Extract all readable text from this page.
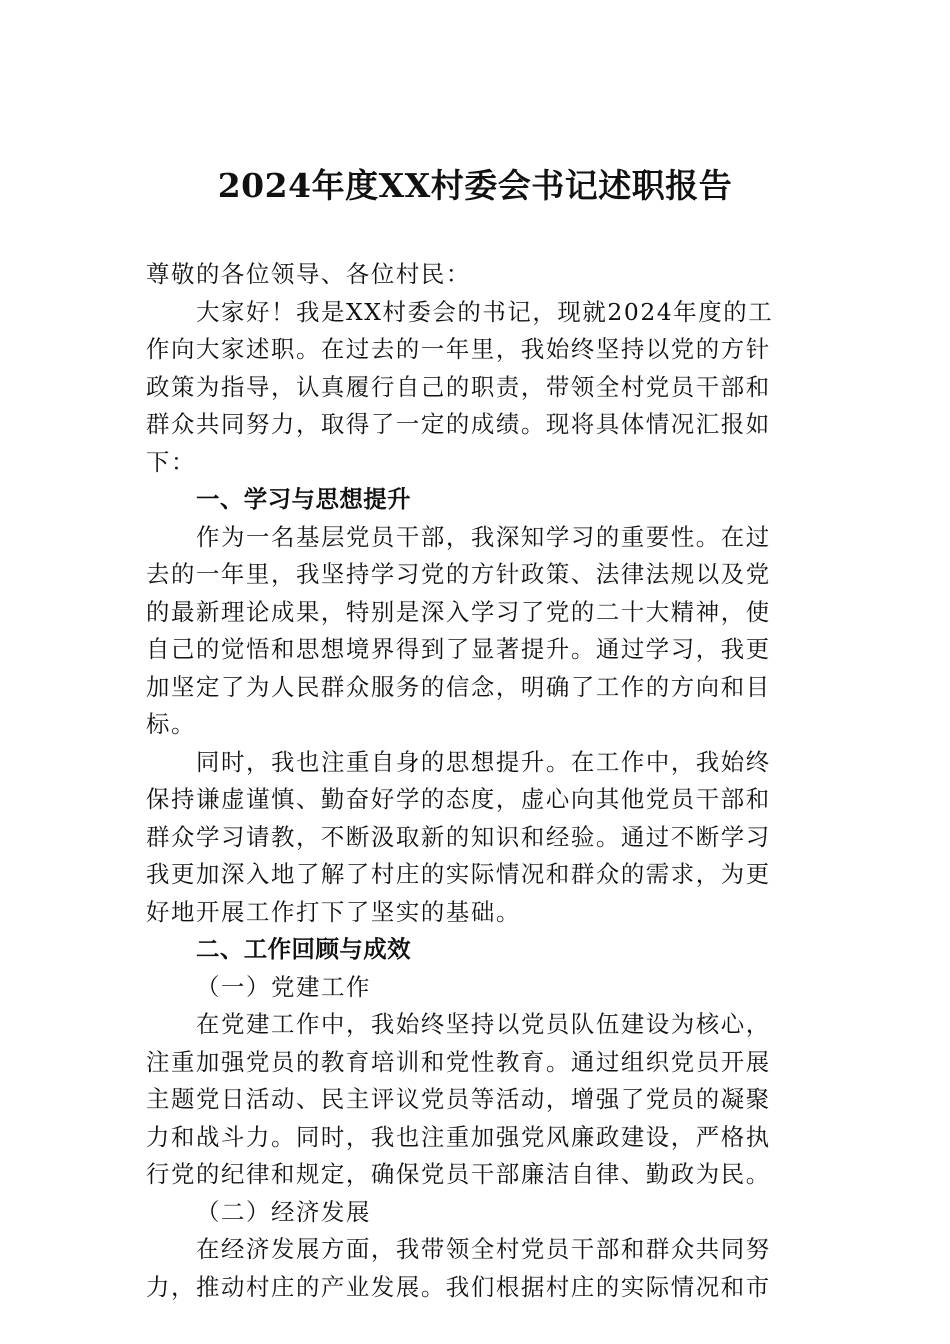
2024年度XX村委会书记述职报告

尊敬的各位领导、各位村民：

大家好！我是XX村委会的书记，现就2024年度的工
作向大家述职。在过去的一年里，我始终坚持以党的方针
政策为指导，认真履行自己的职责，带领全村党员干部和
群众共同努力，取得了一定的成绩。现将具体情况汇报如
下：

一、学习与思想提升

作为一名基层党员干部，我深知学习的重要性。在过
去的一年里，我坚持学习党的方针政策、法律法规以及党
的最新理论成果，特别是深入学习了党的二十大精神，使
自己的觉悟和思想境界得到了显著提升。通过学习，我更
加坚定了为人民群众服务的信念，明确了工作的方向和目
标。
同时，我也注重自身的思想提升。在工作中，我始终
保持谦虚谨慎、勤奋好学的态度，虚心向其他党员干部和
群众学习请教，不断汲取新的知识和经验。通过不断学习
我更加深入地了解了村庄的实际情况和群众的需求，为更
好地开展工作打下了坚实的基础。

二、工作回顾与成效

（一）党建工作

在党建工作中，我始终坚持以党员队伍建设为核心，
注重加强党员的教育培训和党性教育。通过组织党员开展
主题党日活动、民主评议党员等活动，增强了党员的凝聚
力和战斗力。同时，我也注重加强党风廉政建设，严格执
行党的纪律和规定，确保党员干部廉洁自律、勤政为民。

（二）经济发展

在经济发展方面，我带领全村党员干部和群众共同努
力，推动村庄的产业发展。我们根据村庄的实际情况和市
